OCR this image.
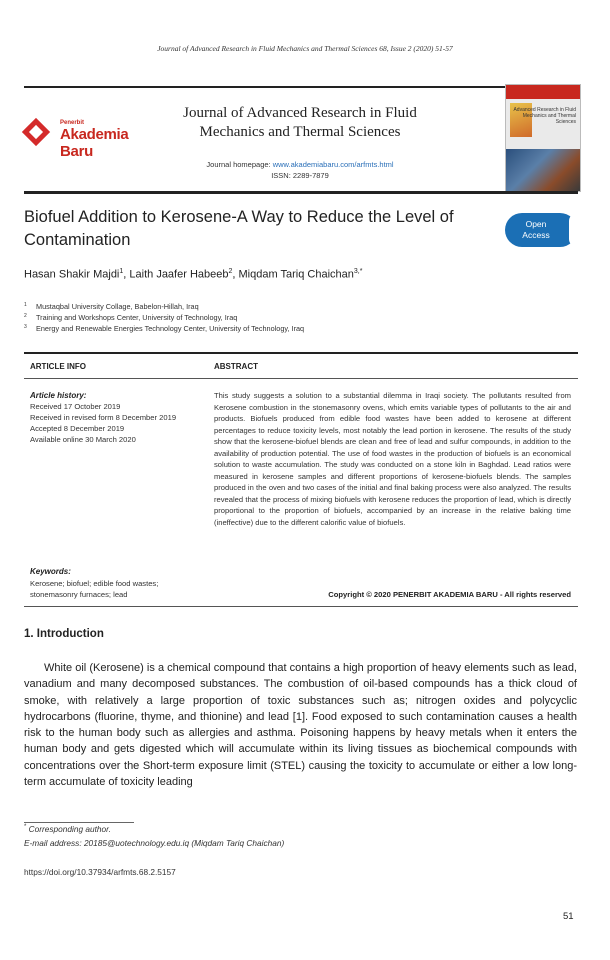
Journal of Advanced Research in Fluid Mechanics and Thermal Sciences 68, Issue 2 (2020) 51-57
Penerbit
Akademia Baru
Journal of Advanced Research in Fluid
Mechanics and Thermal Sciences
Journal homepage: www.akademiabaru.com/arfmts.html
ISSN: 2289-7879
Advanced Research in Fluid Mechanics and Thermal Sciences
Biofuel Addition to Kerosene-A Way to Reduce the Level of
Contamination
Open
Access
Hasan Shakir Majdi$^1$, Laith Jaafer Habeeb$^2$, Miqdam Tariq Chaichan$^{3,*}$
1 Mustaqbal University Collage, Babelon-Hillah, Iraq
2 Training and Workshops Center, University of Technology, Iraq
3 Energy and Renewable Energies Technology Center, University of Technology, Iraq
ARTICLE INFO	ABSTRACT
Article history:
Received 17 October 2019
Received in revised form 8 December 2019
Accepted 8 December 2019
Available online 30 March 2020
Keywords:
Kerosene; biofuel; edible food wastes; stonemasonry furnaces; lead
This study suggests a solution to a substantial dilemma in Iraqi society. The pollutants resulted from Kerosene combustion in the stonemasonry ovens, which emits variable types of pollutants to the air and products. Biofuels produced from edible food wastes have been added to kerosene at different percentages to reduce toxicity levels, most notably the lead portion in kerosene. The results of the study show that the kerosene-biofuel blends are clean and free of lead and sulfur compounds, in addition to the availability of production potential. The use of food wastes in the production of biofuels is an economical solution to waste accumulation. The study was conducted on a stone kiln in Baghdad. Lead ratios were measured in kerosene samples and different proportions of kerosene-biofuels blends. The samples produced in the oven and two cases of the initial and final baking process were also analyzed. The results revealed that the process of mixing biofuels with kerosene reduces the proportion of lead, which is directly proportional to the proportion of biofuels, accompanied by an increase in the relative baking time (ineffective) due to the different calorific value of biofuels.
Copyright © 2020 PENERBIT AKADEMIA BARU - All rights reserved
1. Introduction
White oil (Kerosene) is a chemical compound that contains a high proportion of heavy elements such as lead, vanadium and many decomposed substances. The combustion of oil-based compounds has a thick cloud of smoke, with relatively a large proportion of toxic substances such as; nitrogen oxides and polycyclic hydrocarbons (fluorine, thyme, and thionine) and lead [1]. Food exposed to such contamination causes a health risk to the human body such as allergies and asthma. Poisoning happens by heavy metals when it enters the human body and gets digested which will accumulate within its living tissues as biochemical compounds with concentrations over the Short-term exposure limit (STEL) causing the toxicity to accumulate or either a low long-term accumulate of toxicity leading
* Corresponding author.
E-mail address: 20185@uotechnology.edu.iq (Miqdam Tariq Chaichan)
https://doi.org/10.37934/arfmts.68.2.5157
51
